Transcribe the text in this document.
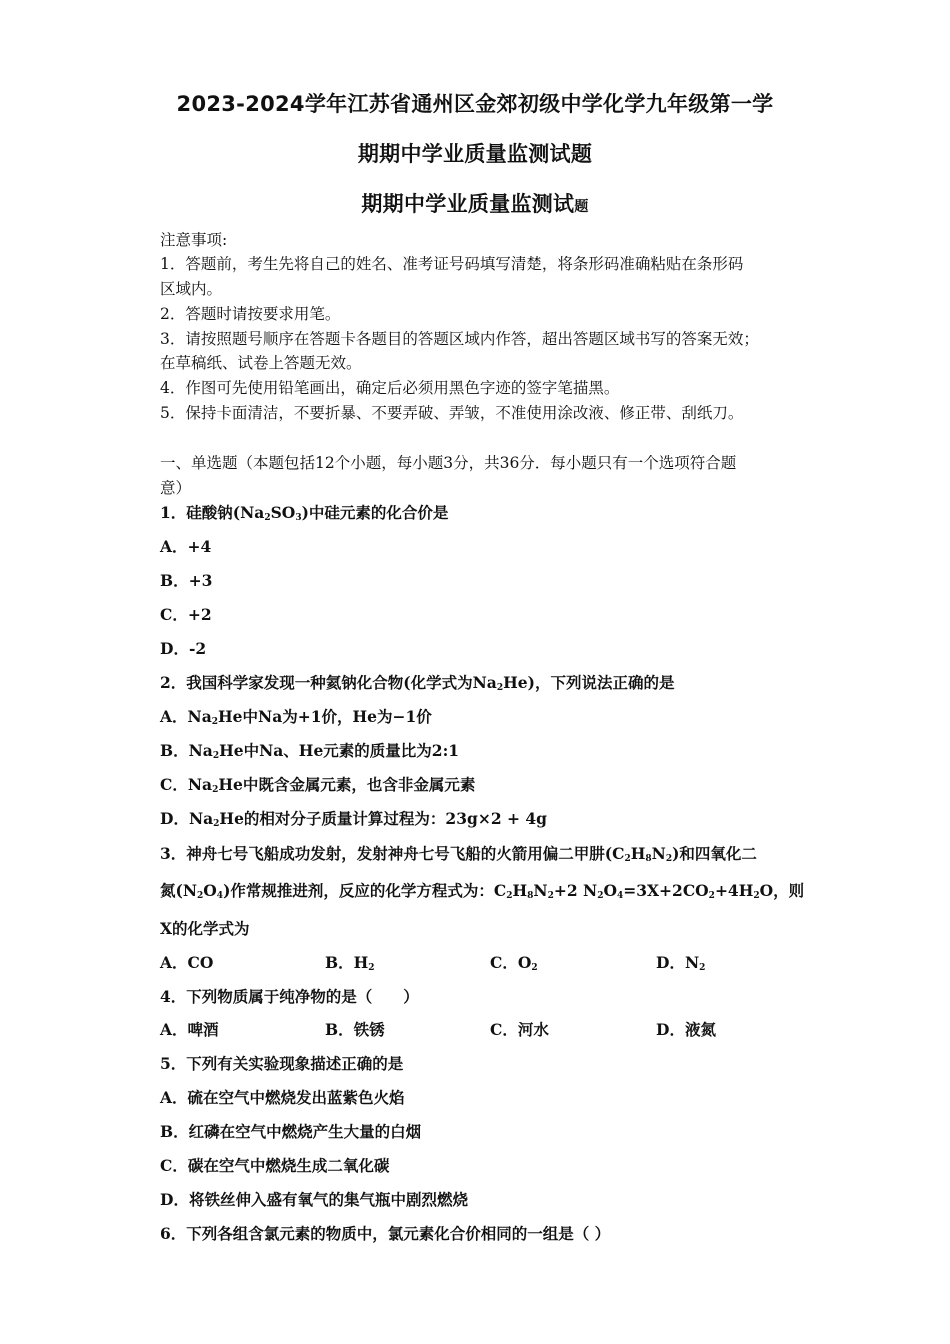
2023-2024学年江苏省通州区金郊初级中学化学九年级第一学
期期中学业质量监测试题
期期中学业质量监测试题
注意事项:
1．答题前，考生先将自己的姓名、准考证号码填写清楚，将条形码准确粘贴在条形码
区域内。
2．答题时请按要求用笔。
3．请按照题号顺序在答题卡各题目的答题区域内作答，超出答题区域书写的答案无效；
在草稿纸、试卷上答题无效。
4．作图可先使用铅笔画出，确定后必须用黑色字迹的签字笔描黑。
5．保持卡面清洁，不要折暴、不要弄破、弄皱，不准使用涂改液、修正带、刮纸刀。
一、单选题（本题包括12个小题，每小题3分，共36分．每小题只有一个选项符合题
意）
1．硅酸钠$(Na_2SO_3)$中硅元素的化合价是
A．+4
B．+3
C．+2
D．-2
2．我国科学家发现一种氦钠化合物(化学式为$Na_2He$)，下列说法正确的是
A．$Na_2He$中Na为+1价，He为−1价
B．$Na_2He$中Na、He元素的质量比为2:1
C．$Na_2He$中既含金属元素，也含非金属元素
D．$Na_2He$的相对分子质量计算过程为：23g×2 + 4g
3．神舟七号飞船成功发射，发射神舟七号飞船的火箭用偏二甲肼$(C_2H_8N_2)$和四氧化二
氮$(N_2O_4)$作常规推进剂，反应的化学方程式为：$C_2H_8N_2+2$ $N_2O_4=3X+2CO_2+4H_2O$，则
X的化学式为
A．CO	B．$H_2$	C．$O_2$	D．$N_2$
4．下列物质属于纯净物的是（　　）
A．啤酒	B．铁锈	C．河水	D．液氮
5．下列有关实验现象描述正确的是
A．硫在空气中燃烧发出蓝紫色火焰
B．红磷在空气中燃烧产生大量的白烟
C．碳在空气中燃烧生成二氧化碳
D．将铁丝伸入盛有氧气的集气瓶中剧烈燃烧
6．下列各组含氯元素的物质中，氯元素化合价相同的一组是（ ）
